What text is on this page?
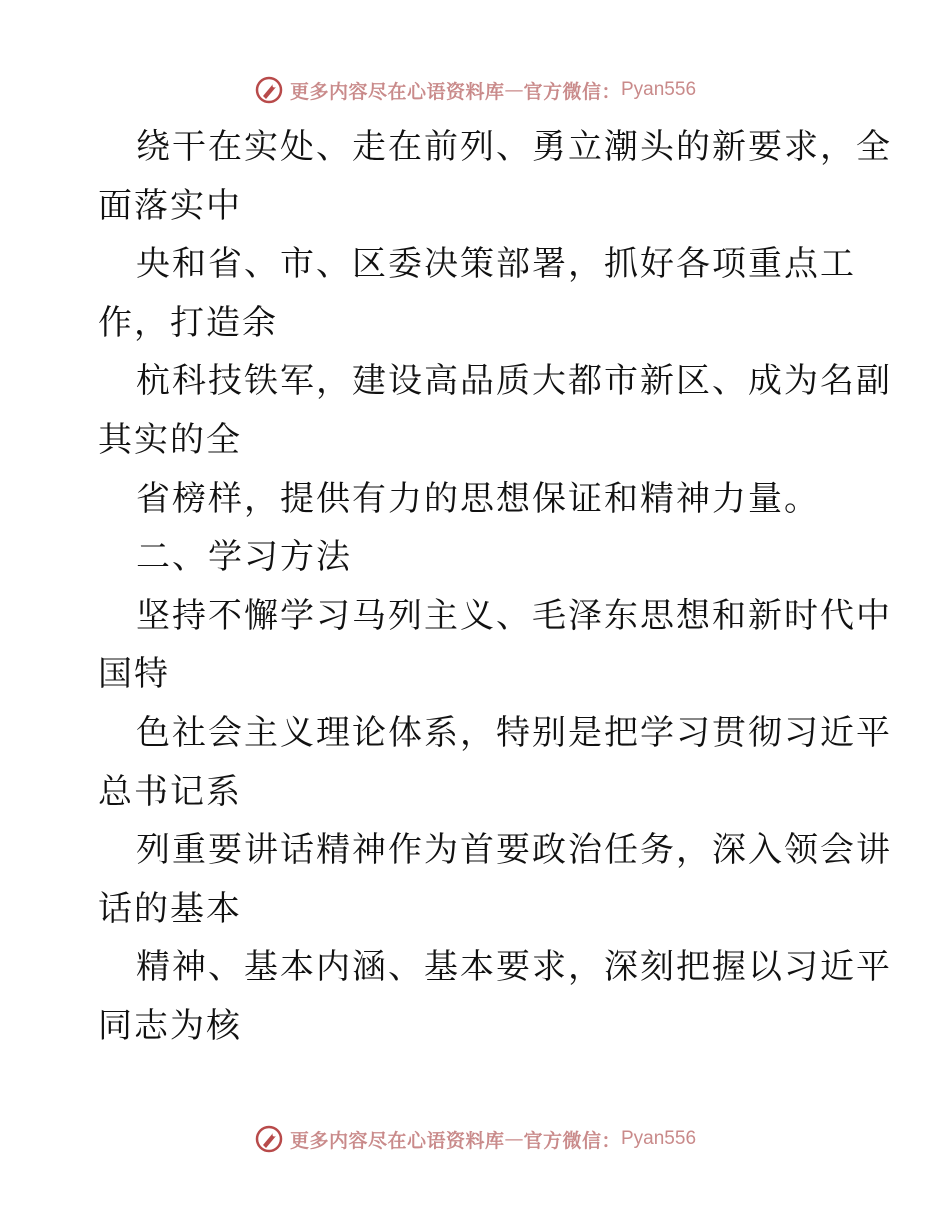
更多内容尽在心语资料库 — 官方微信： Pyan556
绕干在实处、走在前列、勇立潮头的新要求，全
面落实中
央和省、市、区委决策部署，抓好各项重点工
作，打造余
杭科技铁军，建设高品质大都市新区、成为名副
其实的全
省榜样，提供有力的思想保证和精神力量。
二、学习方法
坚持不懈学习马列主义、毛泽东思想和新时代中
国特
色社会主义理论体系，特别是把学习贯彻习近平
总书记系
列重要讲话精神作为首要政治任务，深入领会讲
话的基本
精神、基本内涵、基本要求，深刻把握以习近平
同志为核
更多内容尽在心语资料库 — 官方微信： Pyan556
